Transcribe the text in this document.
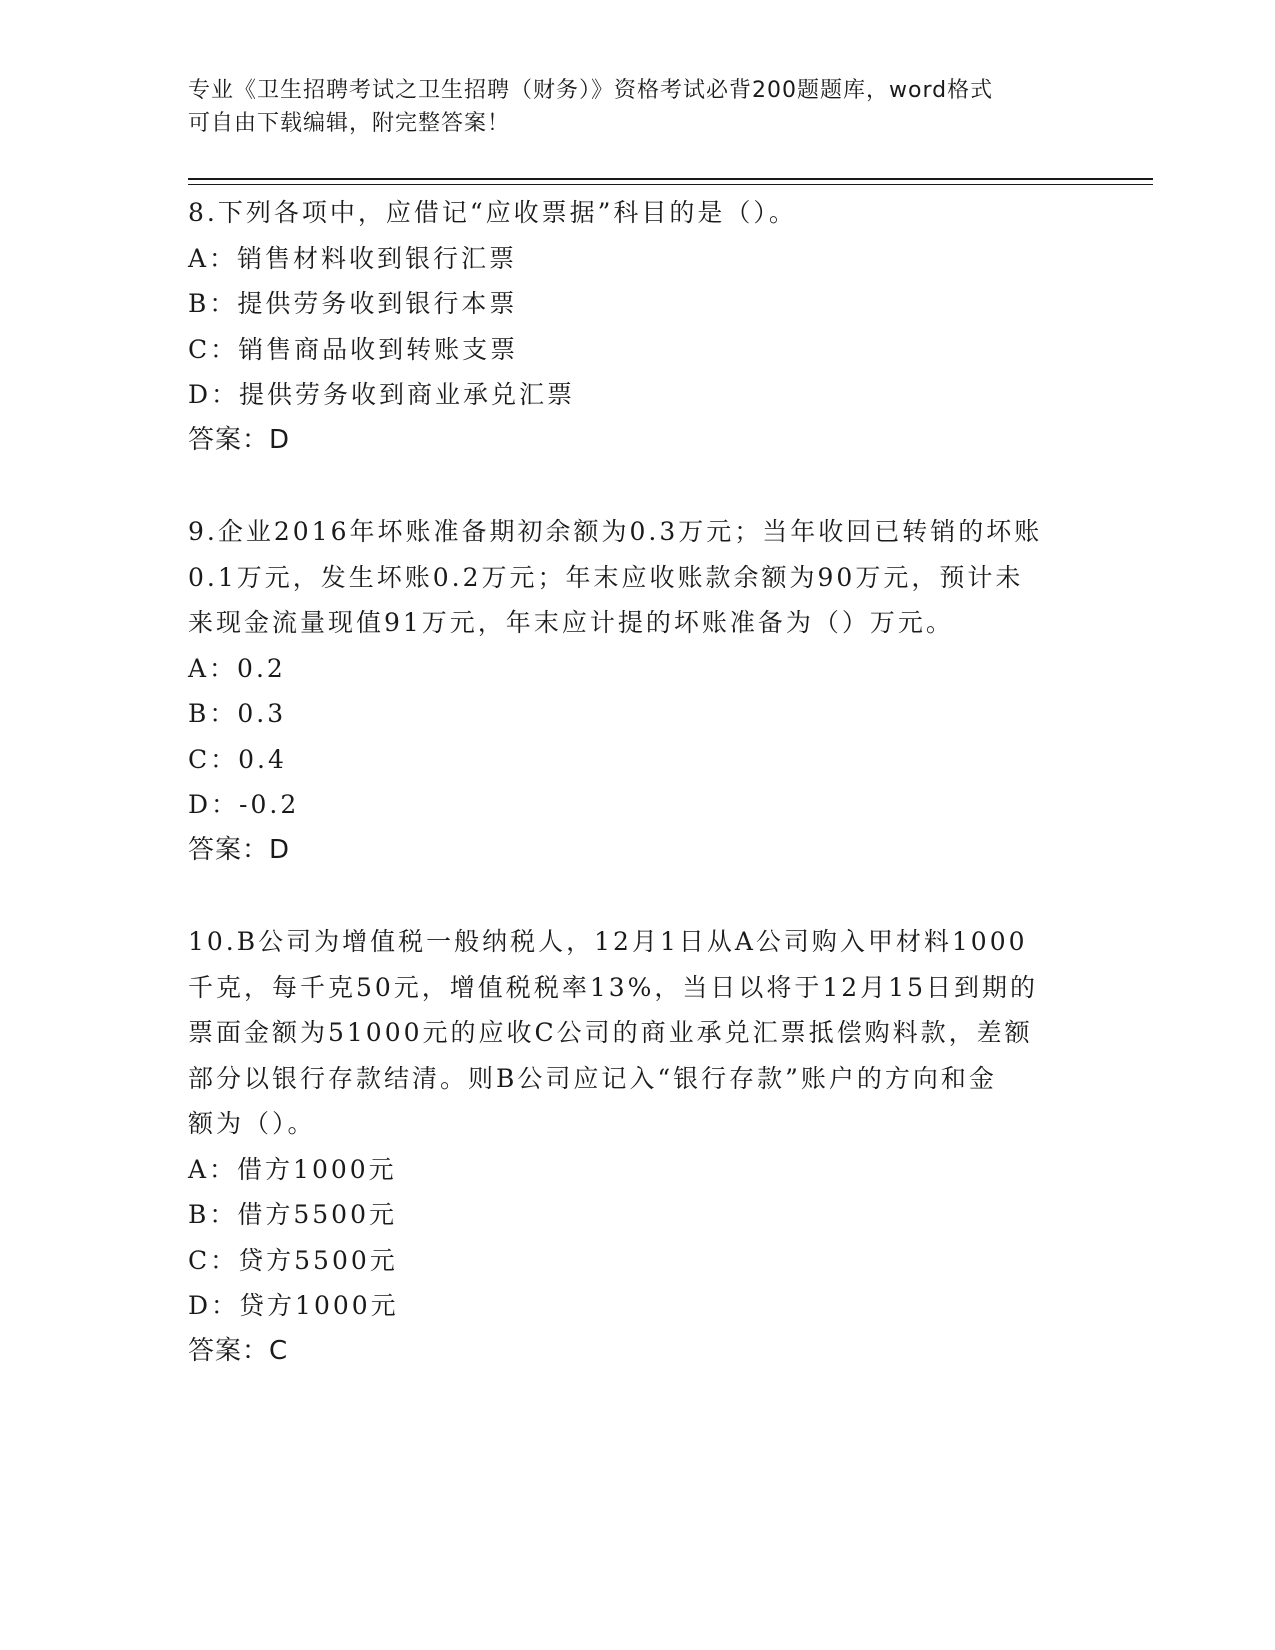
专业《卫生招聘考试之卫生招聘（财务）》资格考试必背200题题库，word格式
可自由下载编辑，附完整答案！

8.下列各项中，应借记“应收票据”科目的是（）。

A：销售材料收到银行汇票

B：提供劳务收到银行本票

C：销售商品收到转账支票

D：提供劳务收到商业承兑汇票

答案：D

9.企业2016年坏账准备期初余额为0.3万元；当年收回已转销的坏账

0.1万元，发生坏账0.2万元；年末应收账款余额为90万元，预计未

来现金流量现值91万元，年末应计提的坏账准备为（）万元。

A：0.2

B：0.3

C：0.4

D：-0.2

答案：D

10.B公司为增值税一般纳税人，12月1日从A公司购入甲材料1000

千克，每千克50元，增值税税率13%，当日以将于12月15日到期的

票面金额为51000元的应收C公司的商业承兑汇票抵偿购料款，差额

部分以银行存款结清。则B公司应记入“银行存款”账户的方向和金

额为（）。

A：借方1000元

B：借方5500元

C：贷方5500元

D：贷方1000元

答案：C
